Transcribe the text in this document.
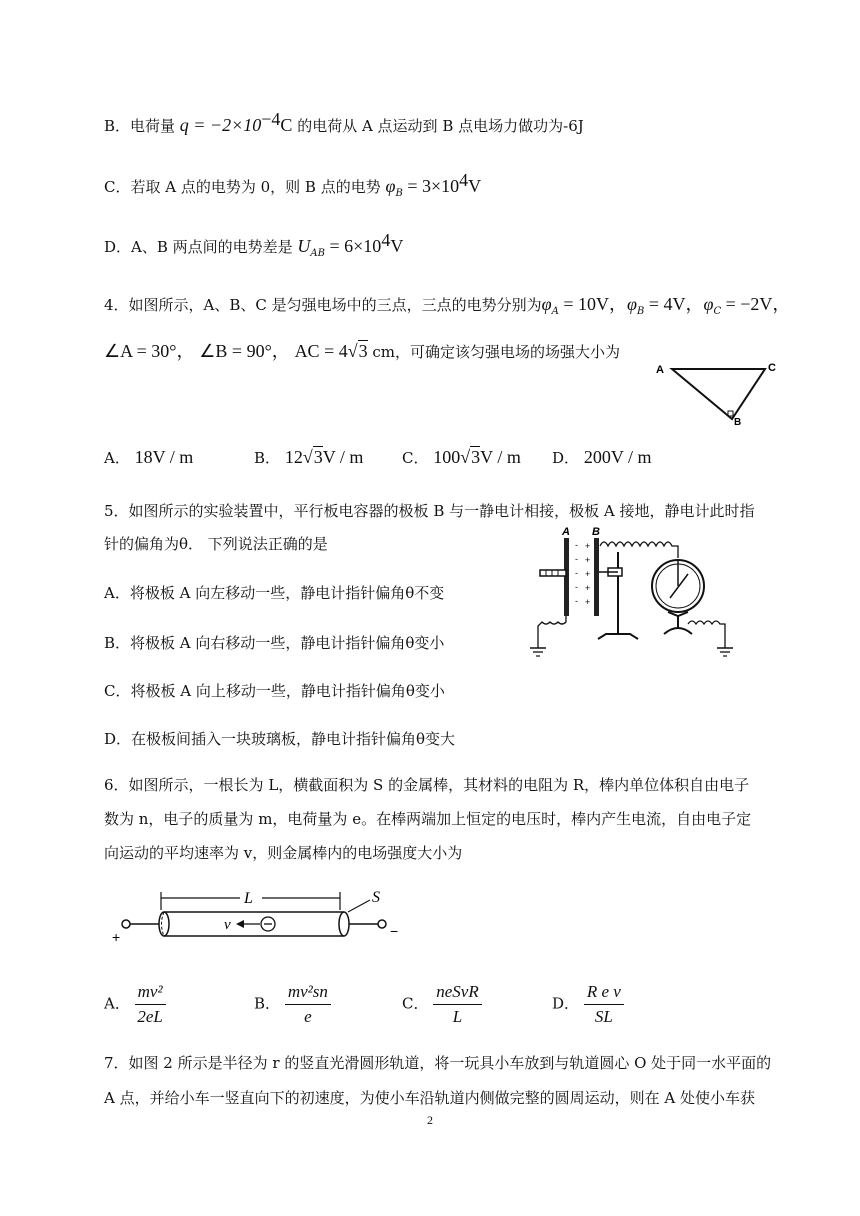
B．电荷量 $q = -2\times 10^{-4}C$ 的电荷从 A 点运动到 B 点电场力做功为-6J
C．若取 A 点的电势为 0，则 B 点的电势 $\varphi_B = 3\times 10^4V$
D．A、B 两点间的电势差是 $U_{AB} = 6\times 10^4V$
4．如图所示，A、B、C 是匀强电场中的三点，三点的电势分别为$\varphi_A = 10V$，$\varphi_B = 4V$，$\varphi_C = -2V$，
∠A = 30°， ∠B = 90°， AC = 4√3 cm，可确定该匀强电场的场强大小为
A	C
B
A． 18V / m	B． 12√3V / m	C． 100√3V / m D． 200V / m
5．如图所示的实验装置中，平行板电容器的极板 B 与一静电计相接，极板 A 接地，静电计此时指
针的偏角为θ． 下列说法正确的是
A．将极板 A 向左移动一些，静电计指针偏角θ不变
B．将极板 A 向右移动一些，静电计指针偏角θ变小
C．将极板 A 向上移动一些，静电计指针偏角θ变小
D．在极板间插入一块玻璃板，静电计指针偏角θ变大
A
-
-
-
-
-
+
+
+
+
+
B
6．如图所示，一根长为 L，横截面积为 S 的金属棒，其材料的电阻为 R，棒内单位体积自由电子
数为 n，电子的质量为 m，电荷量为 e。在棒两端加上恒定的电压时，棒内产生电流，自由电子定
向运动的平均速率为 v，则金属棒内的电场强度大小为
L	S
+	−
v
A． $\frac{\text{mv²}}{2eL}$	B． $\frac{\text{mv²sn}}{e}$	C． $\frac{\text{neSvR}}{L}$	D． $\frac{\text{R e v}}{SL}$
7．如图 2 所示是半径为 r 的竖直光滑圆形轨道，将一玩具小车放到与轨道圆心 O 处于同一水平面的
A 点，并给小车一竖直向下的初速度，为使小车沿轨道内侧做完整的圆周运动，则在 A 处使小车获
2
